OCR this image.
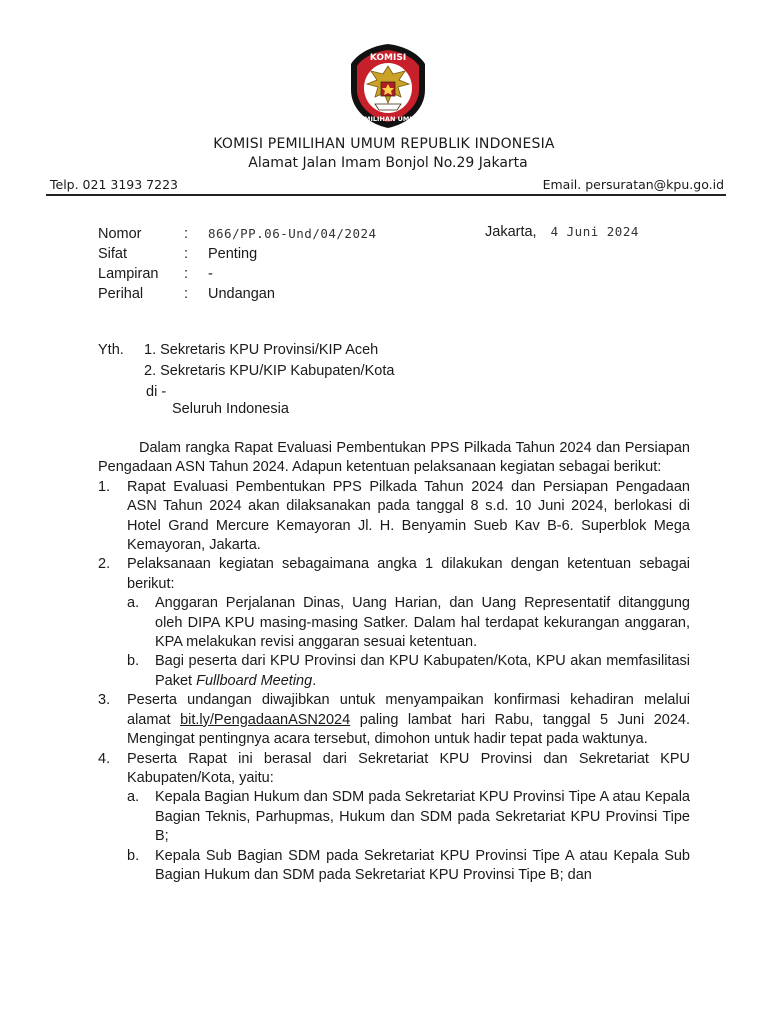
KOMISI
PEMILIHAN UMUM
KOMISI PEMILIHAN UMUM REPUBLIK INDONESIA
Alamat Jalan Imam Bonjol No.29 Jakarta
Telp. 021 3193 7223	Email. persuratan@kpu.go.id
Nomor	: 866/PP.06-Und/04/2024
Sifat	: Penting
Lampiran : -
Perihal	: Undangan
Jakarta, 4 Juni 2024
Yth. 1. Sekretaris KPU Provinsi/KIP Aceh
2. Sekretaris KPU/KIP Kabupaten/Kota
di -
Seluruh Indonesia

Dalam rangka Rapat Evaluasi Pembentukan PPS Pilkada Tahun 2024 dan Persiapan Pengadaan ASN Tahun 2024. Adapun ketentuan pelaksanaan kegiatan sebagai berikut:

1. Rapat Evaluasi Pembentukan PPS Pilkada Tahun 2024 dan Persiapan Pengadaan ASN Tahun 2024 akan dilaksanakan pada tanggal 8 s.d. 10 Juni 2024, berlokasi di Hotel Grand Mercure Kemayoran Jl. H. Benyamin Sueb Kav B-6. Superblok Mega Kemayoran, Jakarta.

2. Pelaksanaan kegiatan sebagaimana angka 1 dilakukan dengan ketentuan sebagai berikut:

a. Anggaran Perjalanan Dinas, Uang Harian, dan Uang Representatif ditanggung oleh DIPA KPU masing-masing Satker. Dalam hal terdapat kekurangan anggaran, KPA melakukan revisi anggaran sesuai ketentuan.

b. Bagi peserta dari KPU Provinsi dan KPU Kabupaten/Kota, KPU akan memfasilitasi Paket Fullboard Meeting.

3. Peserta undangan diwajibkan untuk menyampaikan konfirmasi kehadiran melalui alamat bit.ly/PengadaanASN2024 paling lambat hari Rabu, tanggal 5 Juni 2024. Mengingat pentingnya acara tersebut, dimohon untuk hadir tepat pada waktunya.

4. Peserta Rapat ini berasal dari Sekretariat KPU Provinsi dan Sekretariat KPU Kabupaten/Kota, yaitu:

a. Kepala Bagian Hukum dan SDM pada Sekretariat KPU Provinsi Tipe A atau Kepala Bagian Teknis, Parhupmas, Hukum dan SDM pada Sekretariat KPU Provinsi Tipe B;

b. Kepala Sub Bagian SDM pada Sekretariat KPU Provinsi Tipe A atau Kepala Sub Bagian Hukum dan SDM pada Sekretariat KPU Provinsi Tipe B; dan
